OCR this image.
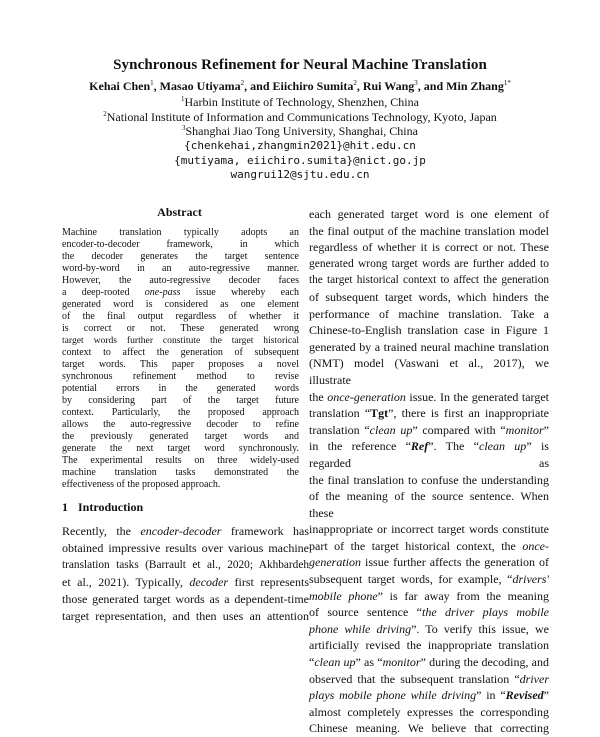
Synchronous Refinement for Neural Machine Translation
Kehai Chen$^1$, Masao Utiyama$^2$, and Eiichiro Sumita$^2$, Rui Wang$^3$, and Min Zhang$^{1*}$
$^1$Harbin Institute of Technology, Shenzhen, China
$^2$National Institute of Information and Communications Technology, Kyoto, Japan
$^3$Shanghai Jiao Tong University, Shanghai, China
{chenkehai,zhangmin2021}@hit.edu.cn
{mutiyama, eiichiro.sumita}@nict.go.jp
wangrui12@sjtu.edu.cn
Abstract
Machine translation typically adopts an
encoder-to-decoder framework, in which
the decoder generates the target sentence
word-by-word in an auto-regressive manner.
However, the auto-regressive decoder faces
a deep-rooted one-pass issue whereby each
generated word is considered as one element
of the final output regardless of whether it
is correct or not. These generated wrong
target words further constitute the target historical
context to affect the generation of subsequent
target words. This paper proposes a novel
synchronous refinement method to revise
potential errors in the generated words
by considering part of the target future
context. Particularly, the proposed approach
allows the auto-regressive decoder to refine
the previously generated target words and
generate the next target word synchronously.
The experimental results on three widely-used
machine translation tasks demonstrated the
effectiveness of the proposed approach.
1 Introduction
Recently, the encoder-decoder framework has
obtained impressive results over various machine
translation tasks (Barrault et al., 2020; Akhbardeh
et al., 2021). Typically, decoder first represents
those generated target words as a dependent-time
target representation, and then uses an attention
each generated target word is one element of
the final output of the machine translation model
regardless of whether it is correct or not. These
generated wrong target words are further added to
the target historical context to affect the generation
of subsequent target words, which hinders the
performance of machine translation. Take a
Chinese-to-English translation case in Figure 1
generated by a trained neural machine translation
(NMT) model (Vaswani et al., 2017), we illustrate
the once-generation issue. In the generated target
translation “Tgt”, there is first an inappropriate
translation “clean up” compared with “monitor”
in the reference “Ref”. The “clean up” is regarded as
the final translation to confuse the understanding
of the meaning of the source sentence. When these
inappropriate or incorrect target words constitute
part of the target historical context, the once-
generation issue further affects the generation of
subsequent target words, for example, “drivers'
mobile phone” is far away from the meaning
of source sentence “the driver plays mobile
phone while driving”. To verify this issue, we
artificially revised the inappropriate translation
“clean up” as “monitor” during the decoding, and
observed that the subsequent translation “driver
plays mobile phone while driving” in “Revised”
almost completely expresses the corresponding
Chinese meaning. We believe that correcting
